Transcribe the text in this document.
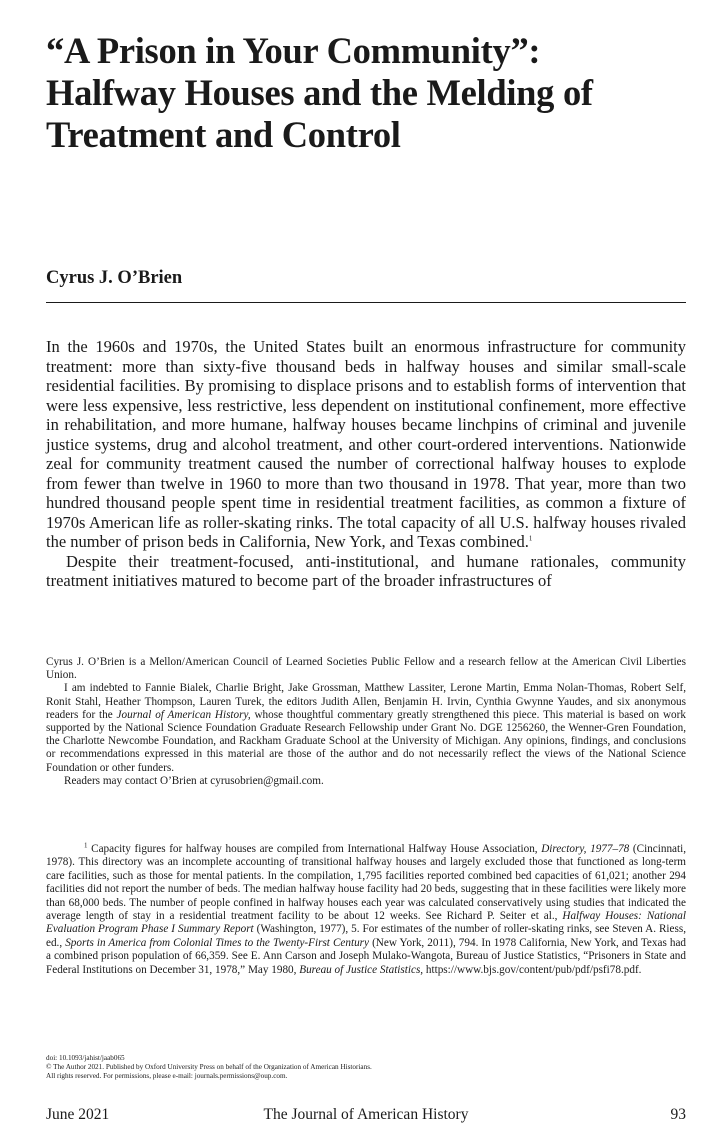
“A Prison in Your Community”:
Halfway Houses and the Melding of
Treatment and Control
Cyrus J. O’Brien

In the 1960s and 1970s, the United States built an enormous infrastructure for community treatment: more than sixty-five thousand beds in halfway houses and similar small-scale residential facilities. By promising to displace prisons and to establish forms of intervention that were less expensive, less restrictive, less dependent on institutional confinement, more effective in rehabilitation, and more humane, halfway houses became linchpins of criminal and juvenile justice systems, drug and alcohol treatment, and other court-ordered interventions. Nationwide zeal for community treatment caused the number of correctional halfway houses to explode from fewer than twelve in 1960 to more than two thousand in 1978. That year, more than two hundred thousand people spent time in residential treatment facilities, as common a fixture of 1970s American life as roller-skating rinks. The total capacity of all U.S. halfway houses rivaled the number of prison beds in California, New York, and Texas combined.$^1$

Despite their treatment-focused, anti-institutional, and humane rationales, community treatment initiatives matured to become part of the broader infrastructures of

Cyrus J. O’Brien is a Mellon/American Council of Learned Societies Public Fellow and a research fellow at the American Civil Liberties Union.

I am indebted to Fannie Bialek, Charlie Bright, Jake Grossman, Matthew Lassiter, Lerone Martin, Emma Nolan-Thomas, Robert Self, Ronit Stahl, Heather Thompson, Lauren Turek, the editors Judith Allen, Benjamin H. Irvin, Cynthia Gwynne Yaudes, and six anonymous readers for the Journal of American History, whose thoughtful commentary greatly strengthened this piece. This material is based on work supported by the National Science Foundation Graduate Research Fellowship under Grant No. DGE 1256260, the Wenner-Gren Foundation, the Charlotte Newcombe Foundation, and Rackham Graduate School at the University of Michigan. Any opinions, findings, and conclusions or recommendations expressed in this material are those of the author and do not necessarily reflect the views of the National Science Foundation or other funders.

Readers may contact O’Brien at cyrusobrien@gmail.com.

$^1$ Capacity figures for halfway houses are compiled from International Halfway House Association, Directory, 1977–78 (Cincinnati, 1978). This directory was an incomplete accounting of transitional halfway houses and largely excluded those that functioned as long-term care facilities, such as those for mental patients. In the compilation, 1,795 facilities reported combined bed capacities of 61,021; another 294 facilities did not report the number of beds. The median halfway house facility had 20 beds, suggesting that in these facilities were likely more than 68,000 beds. The number of people confined in halfway houses each year was calculated conservatively using studies that indicated the average length of stay in a residential treatment facility to be about 12 weeks. See Richard P. Seiter et al., Halfway Houses: National Evaluation Program Phase I Summary Report (Washington, 1977), 5. For estimates of the number of roller-skating rinks, see Steven A. Riess, ed., Sports in America from Colonial Times to the Twenty-First Century (New York, 2011), 794. In 1978 California, New York, and Texas had a combined prison population of 66,359. See E. Ann Carson and Joseph Mulako-Wangota, Bureau of Justice Statistics, “Prisoners in State and Federal Institutions on December 31, 1978,” May 1980, Bureau of Justice Statistics, https://www.bjs.gov/content/pub/pdf/psfi78.pdf.

doi: 10.1093/jahist/jaab065
© The Author 2021. Published by Oxford University Press on behalf of the Organization of American Historians.
All rights reserved. For permissions, please e-mail: journals.permissions@oup.com.
June 2021	The Journal of American History	93
